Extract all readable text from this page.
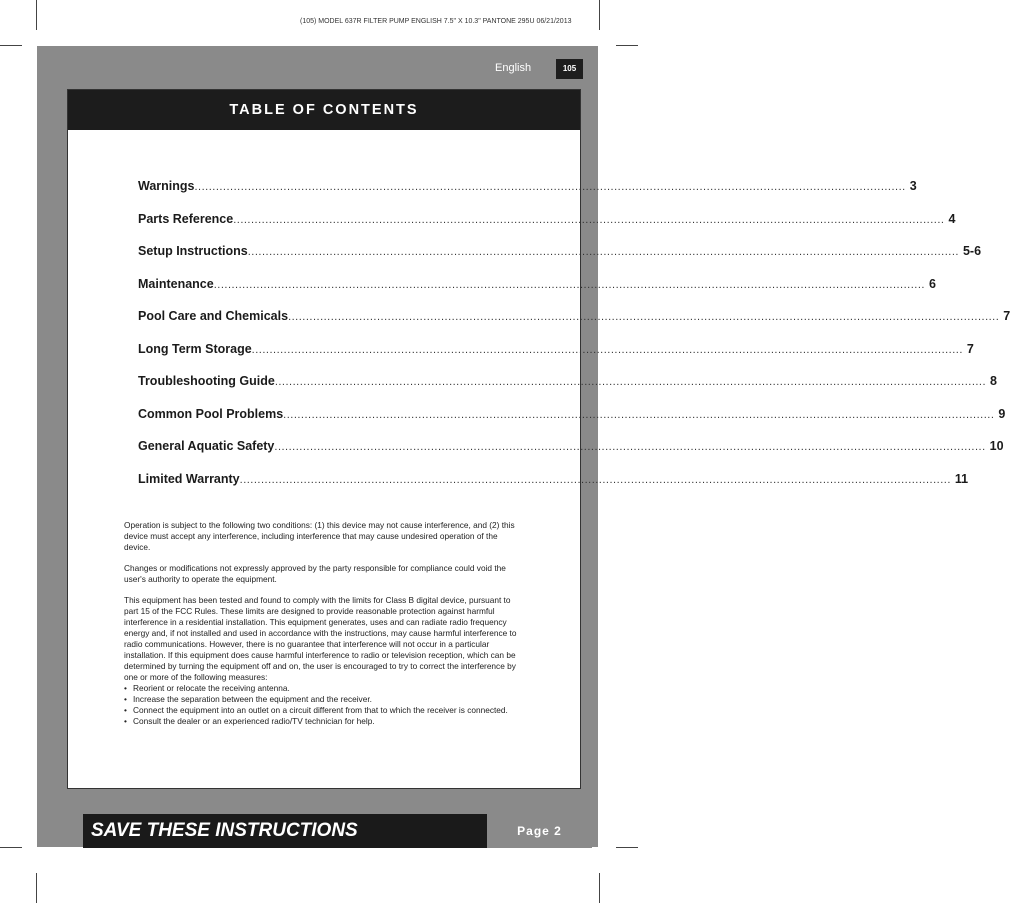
(105) MODEL 637R FILTER PUMP ENGLISH 7.5" X 10.3" PANTONE 295U 06/21/2013
English	105
TABLE OF CONTENTS
Warnings ........................................................................................................................................................................................................ 3
Parts Reference ........................................................................................................................................................................................................ 4
Setup Instructions ........................................................................................................................................................................................................ 5-6
Maintenance ........................................................................................................................................................................................................ 6
Pool Care and Chemicals ........................................................................................................................................................................................................ 7
Long Term Storage ........................................................................................................................................................................................................ 7
Troubleshooting Guide ........................................................................................................................................................................................................ 8
Common Pool Problems ........................................................................................................................................................................................................ 9
General Aquatic Safety ........................................................................................................................................................................................................ 10
Limited Warranty ........................................................................................................................................................................................................ 11

Operation is subject to the following two conditions: (1) this device may not cause interference, and (2) this device must accept any interference, including interference that may cause undesired operation of the device.

Changes or modifications not expressly approved by the party responsible for compliance could void the user's authority to operate the equipment.

This equipment has been tested and found to comply with the limits for Class B digital device, pursuant to part 15 of the FCC Rules. These limits are designed to provide reasonable protection against harmful interference in a residential installation. This equipment generates, uses and can radiate radio frequency energy and, if not installed and used in accordance with the instructions, may cause harmful interference to radio communications. However, there is no guarantee that interference will not occur in a particular installation. If this equipment does cause harmful interference to radio or television reception, which can be determined by turning the equipment off and on, the user is encouraged to try to correct the interference by one or more of the following measures:

• Reorient or relocate the receiving antenna.
• Increase the separation between the equipment and the receiver.
• Connect the equipment into an outlet on a circuit different from that to which the receiver is connected.
• Consult the dealer or an experienced radio/TV technician for help.
SAVE THESE INSTRUCTIONS	Page 2
